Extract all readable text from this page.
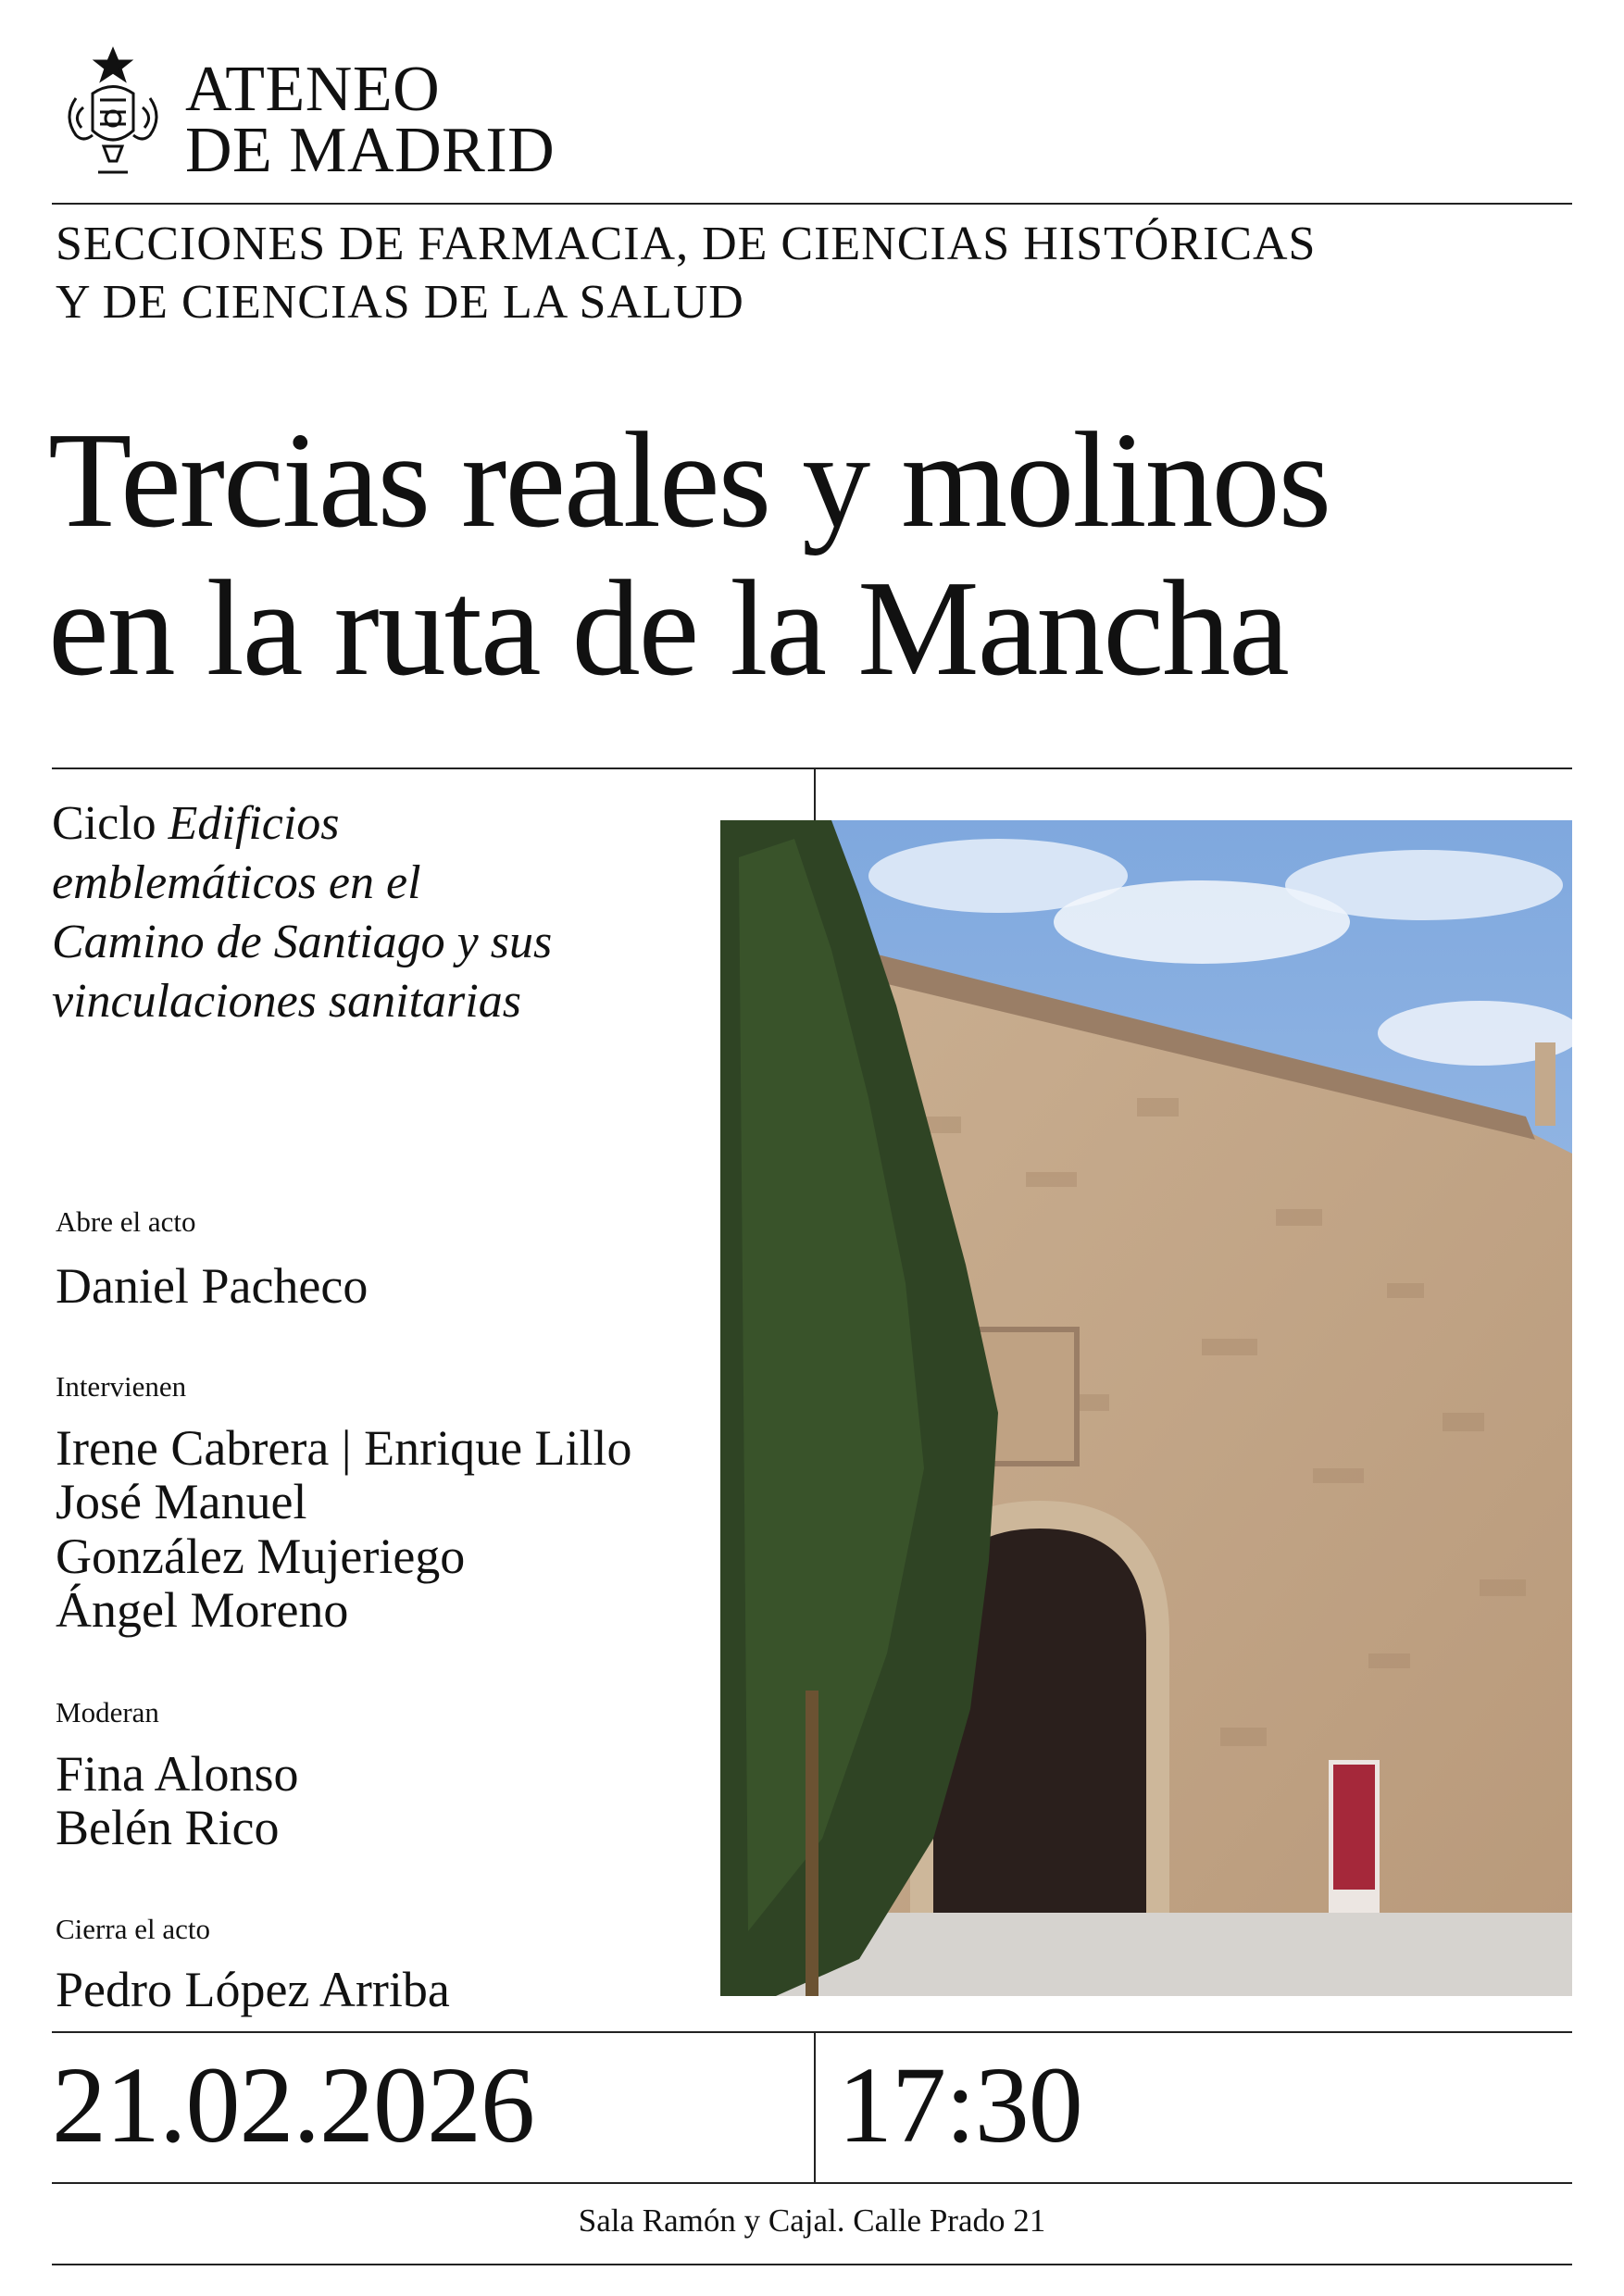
ATENEO
DE MADRID
SECCIONES DE FARMACIA, DE CIENCIAS HISTÓRICAS
Y DE CIENCIAS DE LA SALUD
Tercias reales y molinos
en la ruta de la Mancha
Ciclo Edificios
emblemáticos en el
Camino de Santiago y sus
vinculaciones sanitarias
Abre el acto
Daniel Pacheco
Intervienen
Irene Cabrera | Enrique Lillo
José Manuel
González Mujeriego
Ángel Moreno
Moderan
Fina Alonso
Belén Rico
Cierra el acto
Pedro López Arriba
21.02.2026	17:30
Sala Ramón y Cajal. Calle Prado 21
